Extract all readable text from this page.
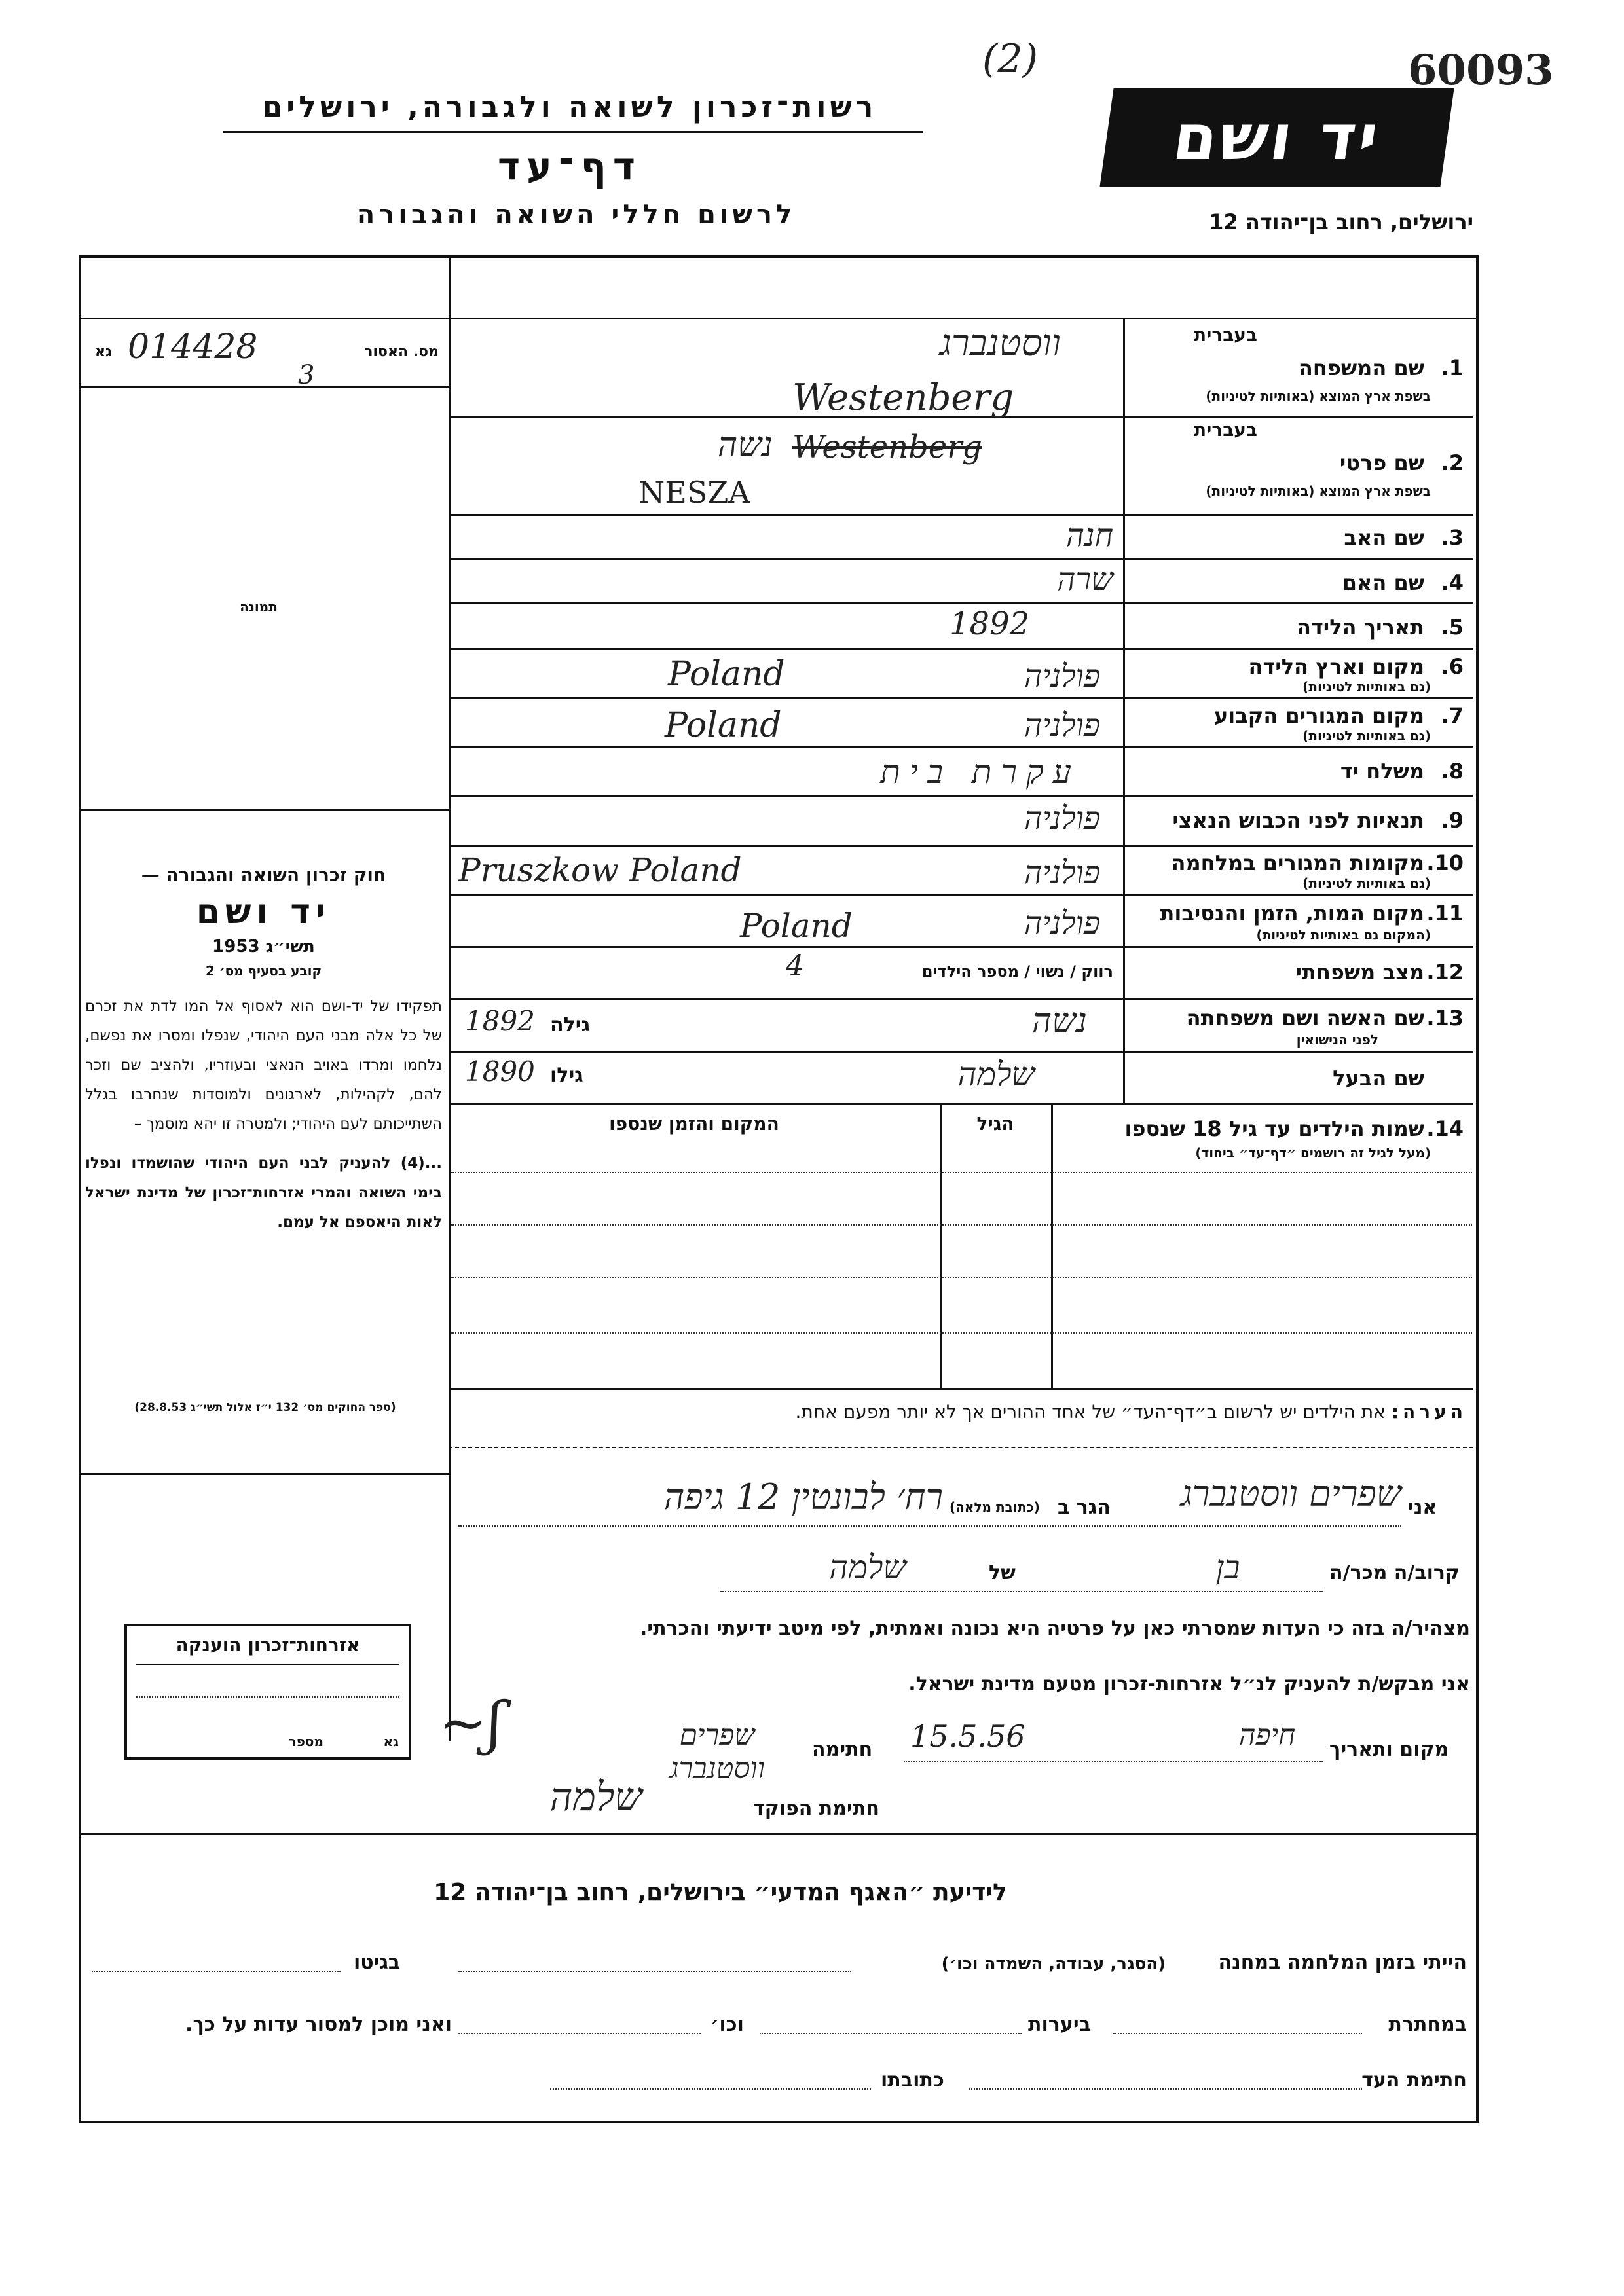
רשות־זכרון לשואה ולגבורה, ירושלים
דף־עד
לרשום חללי השואה והגבורה
יד ושם
ירושלים, רחוב בן־יהודה 12
(2)	60093
גא 014428
3
מס. האסור
תמונה
חוק זכרון השואה והגבורה —
יד ושם
תשי״ג 1953
קובע בסעיף מס׳ 2
תפקידו של יד-ושם הוא לאסוף אל המו לדת את זכרם של כל אלה מבני העם היהודי, שנפלו ומסרו את נפשם, נלחמו ומרדו באויב הנאצי ובעוזריו, ולהציב שם וזכר להם, לקהילות, לארגונים ולמוסדות שנחרבו בגלל השתייכותם לעם היהודי; ולמטרה זו יהא מוסמך –
...(4) להעניק לבני העם היהודי שהושמדו ונפלו בימי השואה והמרי אזרחות־זכרון של מדינת ישראל לאות היאספם אל עמם.
(ספר החוקים מס׳ 132 י״ז אלול תשי״ג 28.8.53)
בעברית
1.
שם המשפחה
בשפת ארץ המוצא (באותיות לטיניות)
ווסטנברג
Westenberg
בעברית
2.
שם פרטי
בשפת ארץ המוצא (באותיות לטיניות)
נשה Westenberg
NESZA
3.
שם האב
חנה
4.
שם האם
שרה
5.
תאריך הלידה
1892
6.
מקום וארץ הלידה
(גם באותיות לטיניות)
Poland	פולניה
7.
מקום המגורים הקבוע
(גם באותיות לטיניות)
Poland	פולניה
8.
משלח יד
עקרת בית
9.
תנאיות לפני הכבוש הנאצי
פולניה
10.
מקומות המגורים במלחמה
(גם באותיות לטיניות)
Pruszkow Poland	פולניה
11.
מקום המות, הזמן והנסיבות
(המקום גם באותיות לטיניות)
Poland	פולניה
12.
מצב משפחתי
רווק / נשוי / מספר הילדים
4
13.
שם האשה ושם משפחתה
לפני הנישואין
1892 גילה	נשה
שם הבעל
1890 גילו	שלמה
14.
שמות הילדים עד גיל 18 שנספו
(מעל לגיל זה רושמים ״דף־עד״ ביחוד)
הגיל
המקום והזמן שנספו
הערה: את הילדים יש לרשום ב״דף־העד״ של אחד ההורים אך לא יותר מפעם אחת.
אני
שפרים ווסטנברג
הגר ב
(כתובת מלאה)
רח׳ לבונטין 12 גיפה
קרוב/ה מכר/ה
בן
של
שלמה
מצהיר/ה בזה כי העדות שמסרתי כאן על פרטיה היא נכונה ואמתית, לפי מיטב ידיעתי והכרתי.
אני מבקש/ת להעניק לנ״ל אזרחות-זכרון מטעם מדינת ישראל.
מקום ותאריך
חיפה
15.5.56
חתימה
שפרים ווסטנברג
~ʃ
חתימת הפוקד
שלמה
אזרחות־זכרון הוענקה
מספר	גא
לידיעת ״האגף המדעי״ בירושלים, רחוב בן־יהודה 12
הייתי בזמן המלחמה במחנה
(הסגר, עבודה, השמדה וכו׳)
בגיטו
במחתרת
ביערות
וכו׳
ואני מוכן למסור עדות על כך.
חתימת העד
כתובתו
